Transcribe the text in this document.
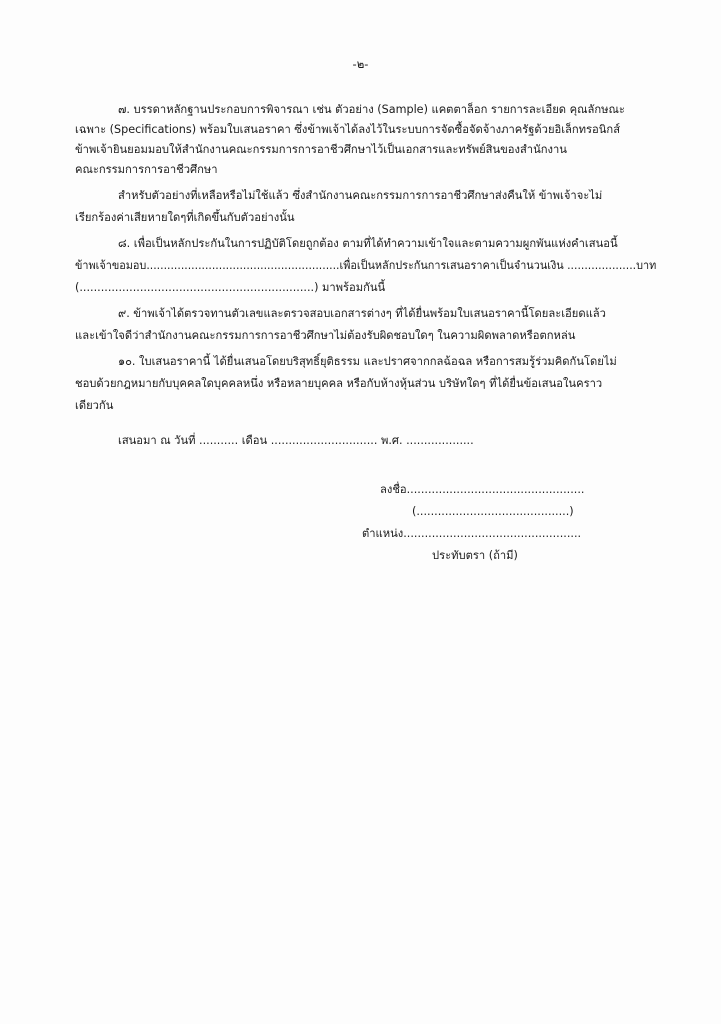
-๒-
๗. บรรดาหลักฐานประกอบการพิจารณา เช่น ตัวอย่าง (Sample) แคตตาล็อก รายการละเอียด คุณลักษณะ
เฉพาะ (Specifications) พร้อมใบเสนอราคา ซึ่งข้าพเจ้าได้ลงไว้ในระบบการจัดซื้อจัดจ้างภาครัฐด้วยอิเล็กทรอนิกส์
ข้าพเจ้ายินยอมมอบให้สำนักงานคณะกรรมการการอาชีวศึกษาไว้เป็นเอกสารและทรัพย์สินของสำนักงาน
คณะกรรมการการอาชีวศึกษา
สำหรับตัวอย่างที่เหลือหรือไม่ใช้แล้ว ซึ่งสำนักงานคณะกรรมการการอาชีวศึกษาส่งคืนให้ ข้าพเจ้าจะไม่
เรียกร้องค่าเสียหายใดๆที่เกิดขึ้นกับตัวอย่างนั้น
๘. เพื่อเป็นหลักประกันในการปฏิบัติโดยถูกต้อง ตามที่ได้ทำความเข้าใจและตามความผูกพันแห่งคำเสนอนี้
ข้าพเจ้าขอมอบ........................................................เพื่อเป็นหลักประกันการเสนอราคาเป็นจำนวนเงิน ....................บาท
(..................................................................) มาพร้อมกันนี้
๙. ข้าพเจ้าได้ตรวจทานตัวเลขและตรวจสอบเอกสารต่างๆ ที่ได้ยื่นพร้อมใบเสนอราคานี้โดยละเอียดแล้ว
และเข้าใจดีว่าสำนักงานคณะกรรมการการอาชีวศึกษาไม่ต้องรับผิดชอบใดๆ ในความผิดพลาดหรือตกหล่น
๑๐. ใบเสนอราคานี้ ได้ยื่นเสนอโดยบริสุทธิ์ยุติธรรม และปราศจากกลฉ้อฉล หรือการสมรู้ร่วมคิดกันโดยไม่
ชอบด้วยกฎหมายกับบุคคลใดบุคคลหนึ่ง หรือหลายบุคคล หรือกับห้างหุ้นส่วน บริษัทใดๆ ที่ได้ยื่นข้อเสนอในคราว
เดียวกัน
เสนอมา ณ วันที่ ........... เดือน .............................. พ.ศ. ...................
ลงชื่อ..................................................
(...........................................)
ตำแหน่ง..................................................
ประทับตรา (ถ้ามี)
